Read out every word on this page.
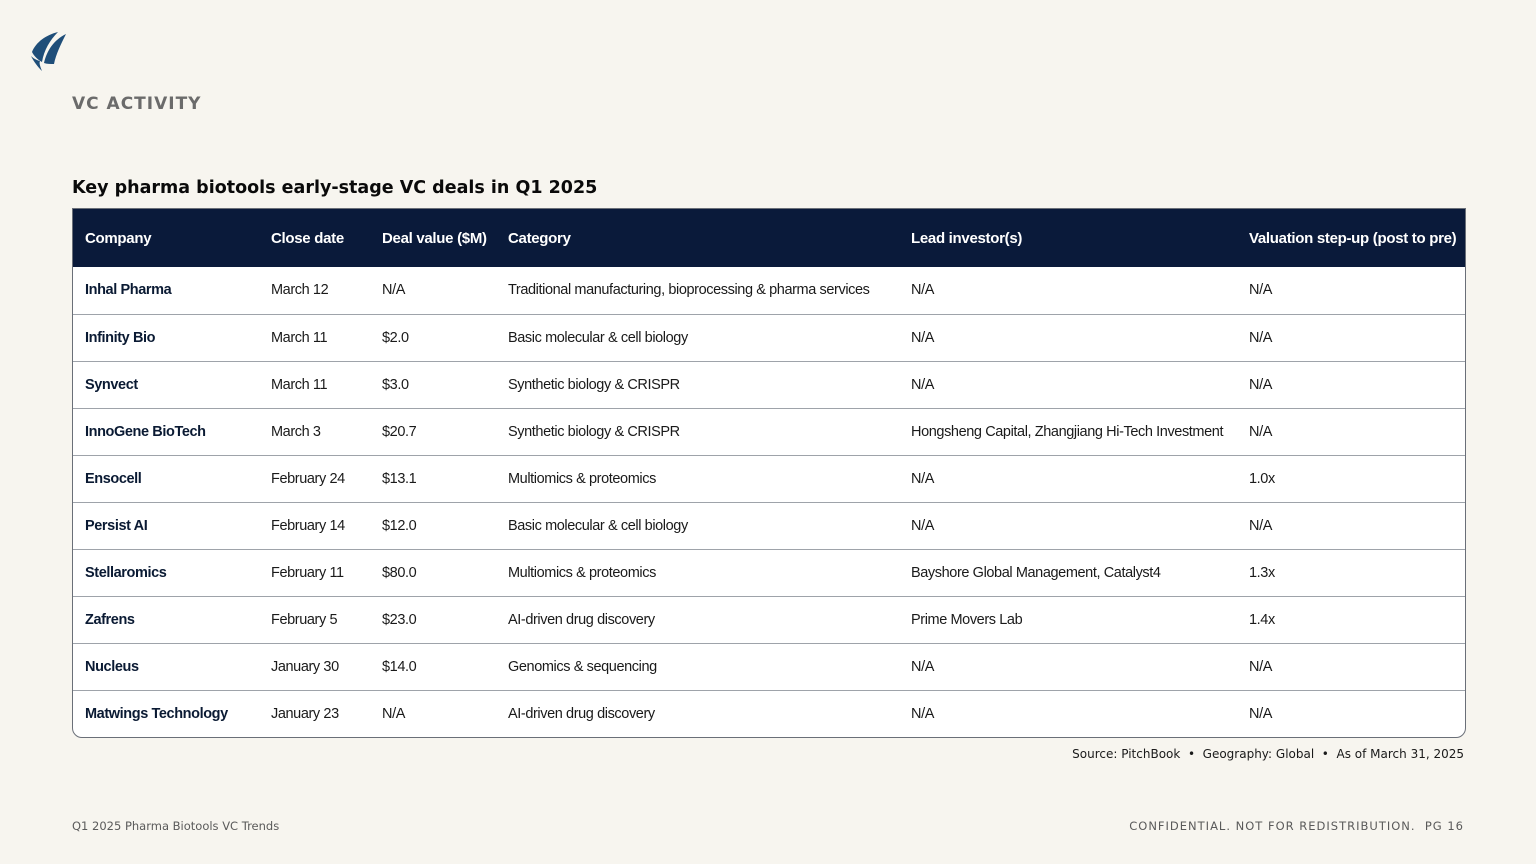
VC ACTIVITY
Key pharma biotools early-stage VC deals in Q1 2025
Company	Close date	Deal value ($M)	Category	Lead investor(s)	Valuation step-up (post to pre)
Inhal Pharma	March 12	N/A	Traditional manufacturing, bioprocessing & pharma services	N/A	N/A
Infinity Bio	March 11	$2.0	Basic molecular & cell biology	N/A	N/A
Synvect	March 11	$3.0	Synthetic biology & CRISPR	N/A	N/A
InnoGene BioTech	March 3	$20.7	Synthetic biology & CRISPR	Hongsheng Capital, Zhangjiang Hi-Tech Investment	N/A
Ensocell	February 24	$13.1	Multiomics & proteomics	N/A	1.0x
Persist AI	February 14	$12.0	Basic molecular & cell biology	N/A	N/A
Stellaromics	February 11	$80.0	Multiomics & proteomics	Bayshore Global Management, Catalyst4	1.3x
Zafrens	February 5	$23.0	AI-driven drug discovery	Prime Movers Lab	1.4x
Nucleus	January 30	$14.0	Genomics & sequencing	N/A	N/A
Matwings Technology	January 23	N/A	AI-driven drug discovery	N/A	N/A
Source: PitchBook  •  Geography: Global  •  As of March 31, 2025
Q1 2025 Pharma Biotools VC Trends	CONFIDENTIAL. NOT FOR REDISTRIBUTION.  PG 16
